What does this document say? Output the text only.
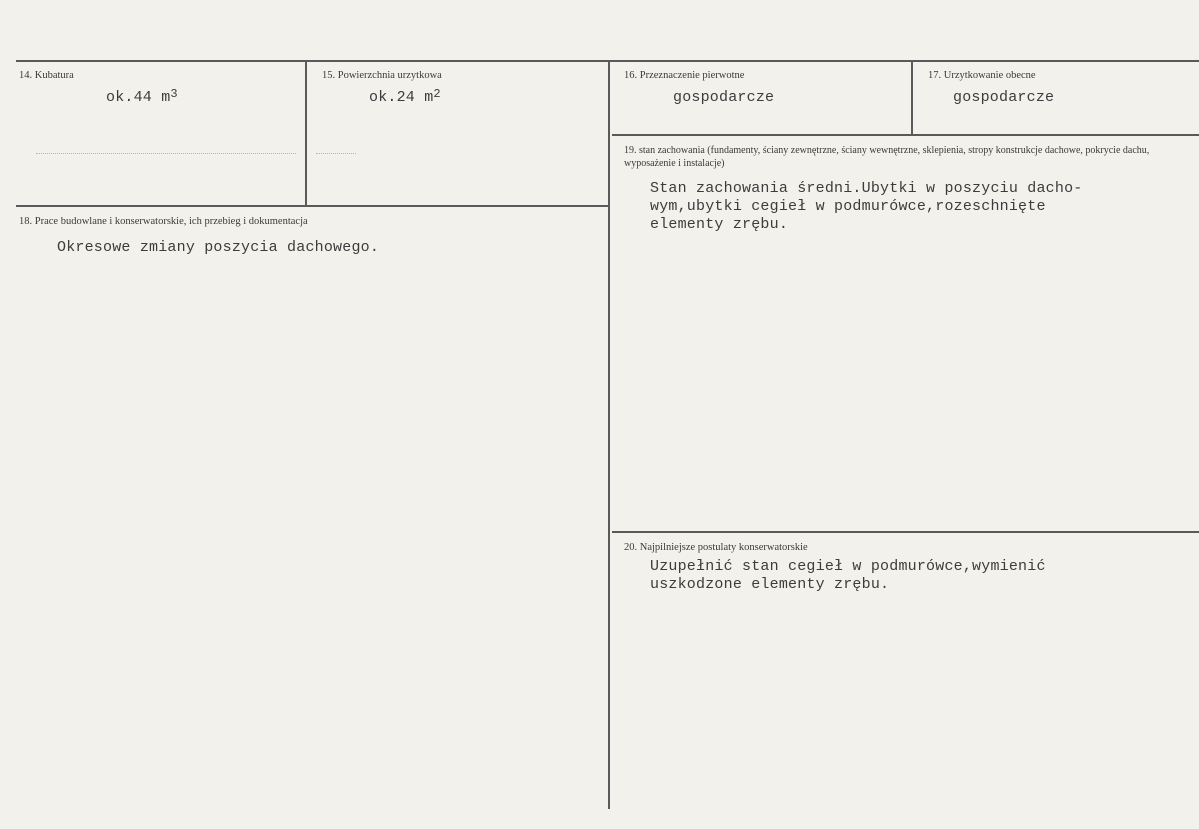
14. Kubatura
ok.44 $m^3$
15. Powierzchnia urzytkowa
ok.24 $m^2$
16. Przeznaczenie pierwotne
gospodarcze
17. Urzytkowanie obecne
gospodarcze
18. Prace budowlane i konserwatorskie, ich przebieg i dokumentacja
Okresowe zmiany poszycia dachowego.
19. stan zachowania (fundamenty, ściany zewnętrzne, ściany wewnętrzne, sklepienia, stropy konstrukcje dachowe, pokrycie dachu, wyposażenie i instalacje)
Stan zachowania średni.Ubytki w poszyciu dacho-
wym,ubytki cegieł w podmurówce,rozeschnięte
elementy zrębu.
20. Najpilniejsze postulaty konserwatorskie
Uzupełnić stan cegieł w podmurówce,wymienić
uszkodzone elementy zrębu.
